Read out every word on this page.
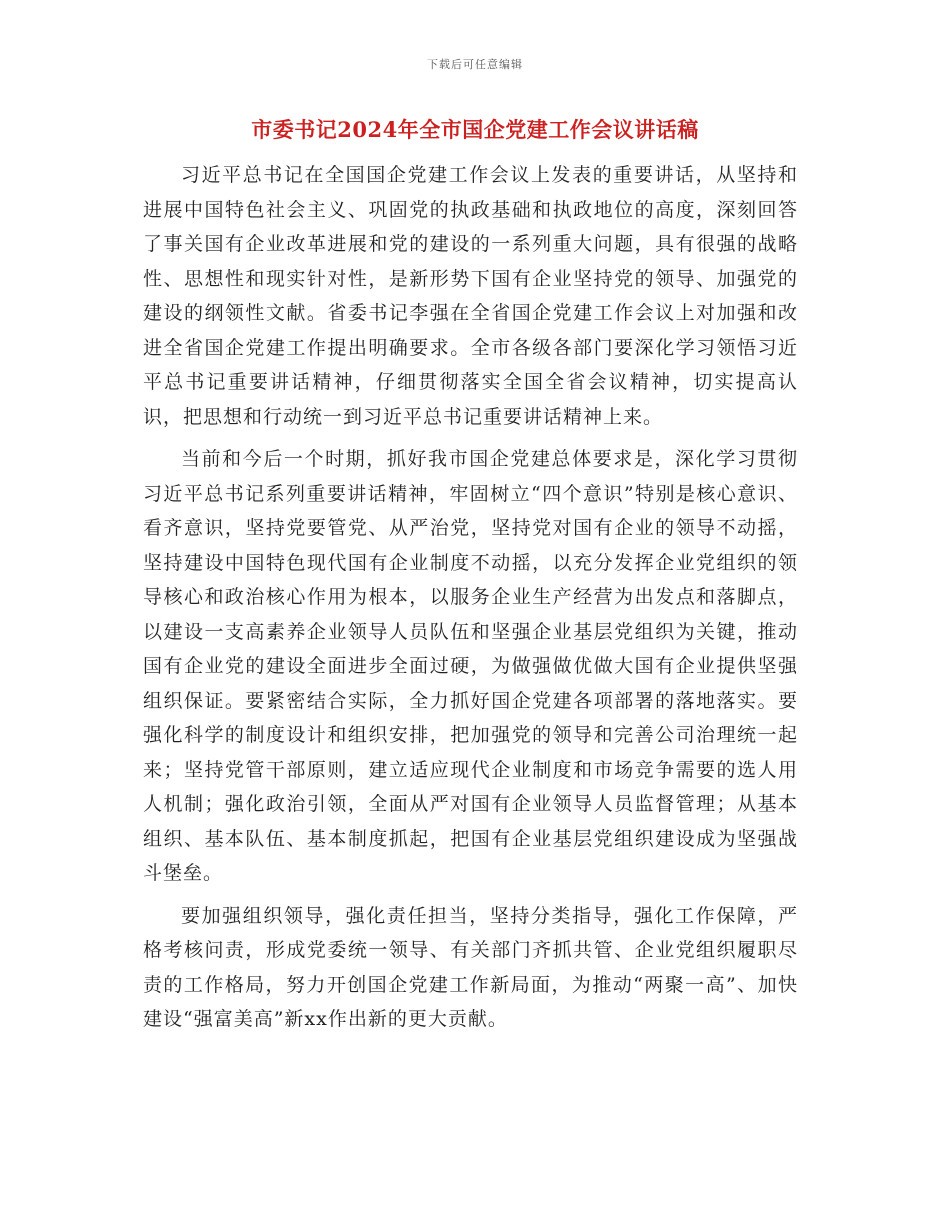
下载后可任意编辑
市委书记2024年全市国企党建工作会议讲话稿

习近平总书记在全国国企党建工作会议上发表的重要讲话，从坚持和进展中国特色社会主义、巩固党的执政基础和执政地位的高度，深刻回答了事关国有企业改革进展和党的建设的一系列重大问题，具有很强的战略性、思想性和现实针对性，是新形势下国有企业坚持党的领导、加强党的建设的纲领性文献。省委书记李强在全省国企党建工作会议上对加强和改进全省国企党建工作提出明确要求。全市各级各部门要深化学习领悟习近平总书记重要讲话精神，仔细贯彻落实全国全省会议精神，切实提高认识，把思想和行动统一到习近平总书记重要讲话精神上来。

当前和今后一个时期，抓好我市国企党建总体要求是，深化学习贯彻习近平总书记系列重要讲话精神，牢固树立“四个意识”特别是核心意识、看齐意识，坚持党要管党、从严治党，坚持党对国有企业的领导不动摇，坚持建设中国特色现代国有企业制度不动摇，以充分发挥企业党组织的领导核心和政治核心作用为根本，以服务企业生产经营为出发点和落脚点，以建设一支高素养企业领导人员队伍和坚强企业基层党组织为关键，推动国有企业党的建设全面进步全面过硬，为做强做优做大国有企业提供坚强组织保证。要紧密结合实际，全力抓好国企党建各项部署的落地落实。要强化科学的制度设计和组织安排，把加强党的领导和完善公司治理统一起来；坚持党管干部原则，建立适应现代企业制度和市场竞争需要的选人用人机制；强化政治引领，全面从严对国有企业领导人员监督管理；从基本组织、基本队伍、基本制度抓起，把国有企业基层党组织建设成为坚强战斗堡垒。

要加强组织领导，强化责任担当，坚持分类指导，强化工作保障，严格考核问责，形成党委统一领导、有关部门齐抓共管、企业党组织履职尽责的工作格局，努力开创国企党建工作新局面，为推动“两聚一高”、加快建设“强富美高”新xx作出新的更大贡献。
